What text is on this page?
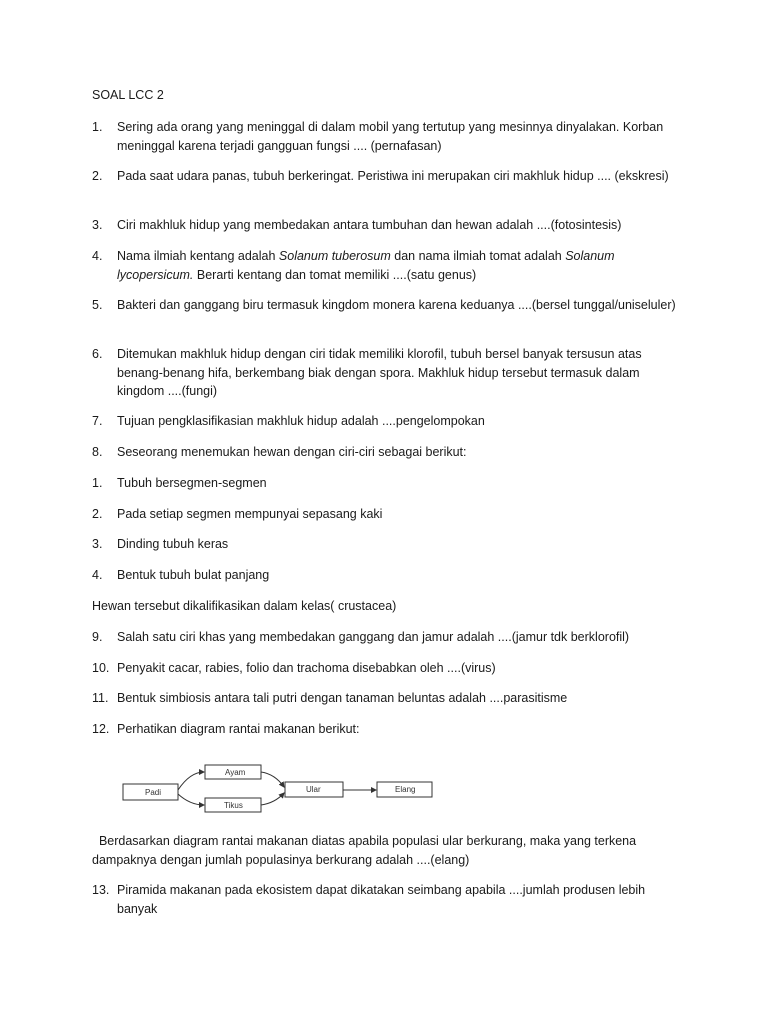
SOAL LCC 2
1. Sering ada orang yang meninggal di dalam mobil yang tertutup yang mesinnya dinyalakan. Korban meninggal karena terjadi gangguan fungsi .... (pernafasan)
2. Pada saat udara panas, tubuh berkeringat. Peristiwa ini merupakan ciri makhluk hidup .... (ekskresi)
3. Ciri makhluk hidup yang membedakan antara tumbuhan dan hewan adalah ....(fotosintesis)
4. Nama ilmiah kentang adalah Solanum tuberosum dan nama ilmiah tomat adalah Solanum lycopersicum. Berarti kentang dan tomat memiliki ....(satu genus)
5. Bakteri dan ganggang biru termasuk kingdom monera karena keduanya ....(bersel tunggal/uniseluler)
6. Ditemukan makhluk hidup dengan ciri tidak memiliki klorofil, tubuh bersel banyak tersusun atas benang-benang hifa, berkembang biak dengan spora. Makhluk hidup tersebut termasuk dalam kingdom ....(fungi)
7. Tujuan pengklasifikasian makhluk hidup adalah ....pengelompokan
8. Seseorang menemukan hewan dengan ciri-ciri sebagai berikut:
1. Tubuh bersegmen-segmen
2. Pada setiap segmen mempunyai sepasang kaki
3. Dinding tubuh keras
4. Bentuk tubuh bulat panjang
Hewan tersebut dikalifikasikan dalam kelas( crustacea)
9. Salah satu ciri khas yang membedakan ganggang dan jamur adalah ....(jamur tdk berklorofil)
10. Penyakit cacar, rabies, folio dan trachoma disebabkan oleh ....(virus)
11. Bentuk simbiosis antara tali putri dengan tanaman beluntas adalah ....parasitisme
12. Perhatikan diagram rantai makanan berikut:
Padi
Ayam
Tikus
Ular	Elang
Berdasarkan diagram rantai makanan diatas apabila populasi ular berkurang, maka yang terkena dampaknya dengan jumlah populasinya berkurang adalah ....(elang)
13. Piramida makanan pada ekosistem dapat dikatakan seimbang apabila ....jumlah produsen lebih banyak
